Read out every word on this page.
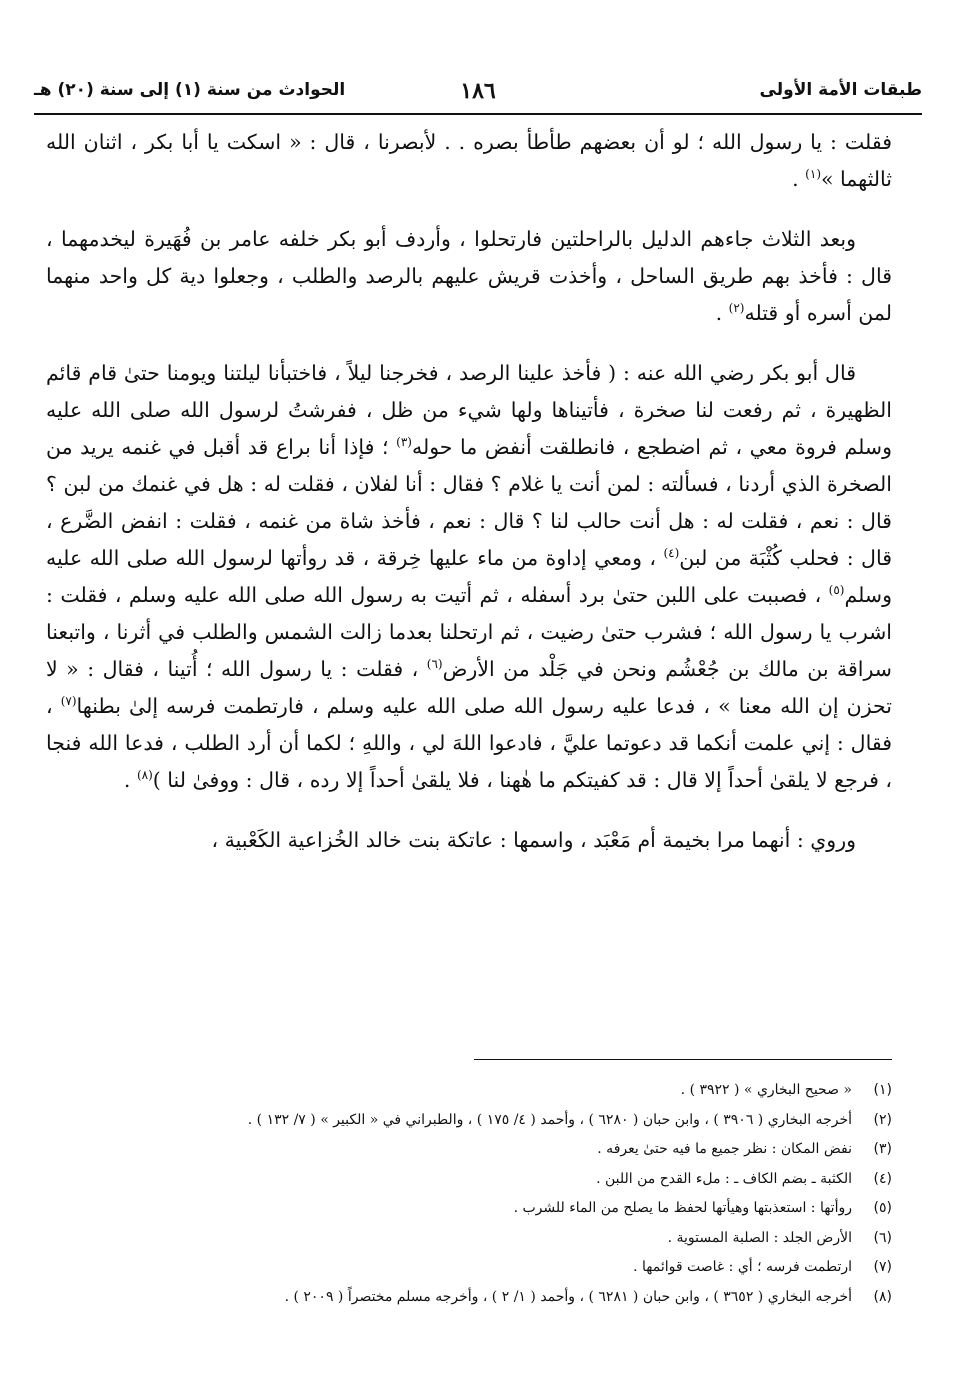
طبقات الأمة الأولى
١٨٦
الحوادث من سنة (١) إلى سنة (٢٠) هـ

فقلت : يا رسول الله ؛ لو أن بعضهم طأطأ بصره . . لأبصرنا ، قال : « اسكت يا أبا بكر ، اثنان الله ثالثهما »$^{(١)}$ .

وبعد الثلاث جاءهم الدليل بالراحلتين فارتحلوا ، وأردف أبو بكر خلفه عامر بن فُهَيرة ليخدمهما ، قال : فأخذ بهم طريق الساحل ، وأخذت قريش عليهم بالرصد والطلب ، وجعلوا دية كل واحد منهما لمن أسره أو قتله$^{(٢)}$ .

قال أبو بكر رضي الله عنه : ( فأخذ علينا الرصد ، فخرجنا ليلاً ، فاختبأنا ليلتنا ويومنا حتىٰ قام قائم الظهيرة ، ثم رفعت لنا صخرة ، فأتيناها ولها شيء من ظل ، ففرشتُ لرسول الله صلى الله عليه وسلم فروة معي ، ثم اضطجع ، فانطلقت أنفض ما حوله$^{(٣)}$ ؛ فإذا أنا براع قد أقبل في غنمه يريد من الصخرة الذي أردنا ، فسألته : لمن أنت يا غلام ؟ فقال : أنا لفلان ، فقلت له : هل في غنمك من لبن ؟ قال : نعم ، فقلت له : هل أنت حالب لنا ؟ قال : نعم ، فأخذ شاة من غنمه ، فقلت : انفض الضَّرع ، قال : فحلب كُثْبَة من لبن$^{(٤)}$ ، ومعي إداوة من ماء عليها خِرقة ، قد روأتها لرسول الله صلى الله عليه وسلم$^{(٥)}$ ، فصببت على اللبن حتىٰ برد أسفله ، ثم أتيت به رسول الله صلى الله عليه وسلم ، فقلت : اشرب يا رسول الله ؛ فشرب حتىٰ رضيت ، ثم ارتحلنا بعدما زالت الشمس والطلب في أثرنا ، واتبعنا سراقة بن مالك بن جُعْشُم ونحن في جَلْد من الأرض$^{(٦)}$ ، فقلت : يا رسول الله ؛ أُتينا ، فقال : « لا تحزن إن الله معنا » ، فدعا عليه رسول الله صلى الله عليه وسلم ، فارتطمت فرسه إلىٰ بطنها$^{(٧)}$ ، فقال : إني علمت أنكما قد دعوتما عليَّ ، فادعوا اللهَ لي ، واللهِ ؛ لكما أن أرد الطلب ، فدعا الله فنجا ، فرجع لا يلقىٰ أحداً إلا قال : قد كفيتكم ما هٰهنا ، فلا يلقىٰ أحداً إلا رده ، قال : ووفىٰ لنا )$^{(٨)}$ .

وروي : أنهما مرا بخيمة أم مَعْبَد ، واسمها : عاتكة بنت خالد الخُزاعية الكَعْبية ،

(١)
« صحيح البخاري » ( ٣٩٢٢ ) .
(٢)
أخرجه البخاري ( ٣٩٠٦ ) ، وابن حبان ( ٦٢٨٠ ) ، وأحمد ( ٤/ ١٧٥ ) ، والطبراني في « الكبير » ( ٧/ ١٣٢ ) .
(٣)
نفض المكان : نظر جميع ما فيه حتىٰ يعرفه .
(٤)
الكثبة ـ بضم الكاف ـ : ملء القدح من اللبن .
(٥)
روأتها : استعذبتها وهيأتها لحفظ ما يصلح من الماء للشرب .
(٦)
الأرض الجلد : الصلبة المستوية .
(٧)
ارتطمت فرسه ؛ أي : غاصت قوائمها .
(٨)
أخرجه البخاري ( ٣٦٥٢ ) ، وابن حبان ( ٦٢٨١ ) ، وأحمد ( ١/ ٢ ) ، وأخرجه مسلم مختصراً ( ٢٠٠٩ ) .
